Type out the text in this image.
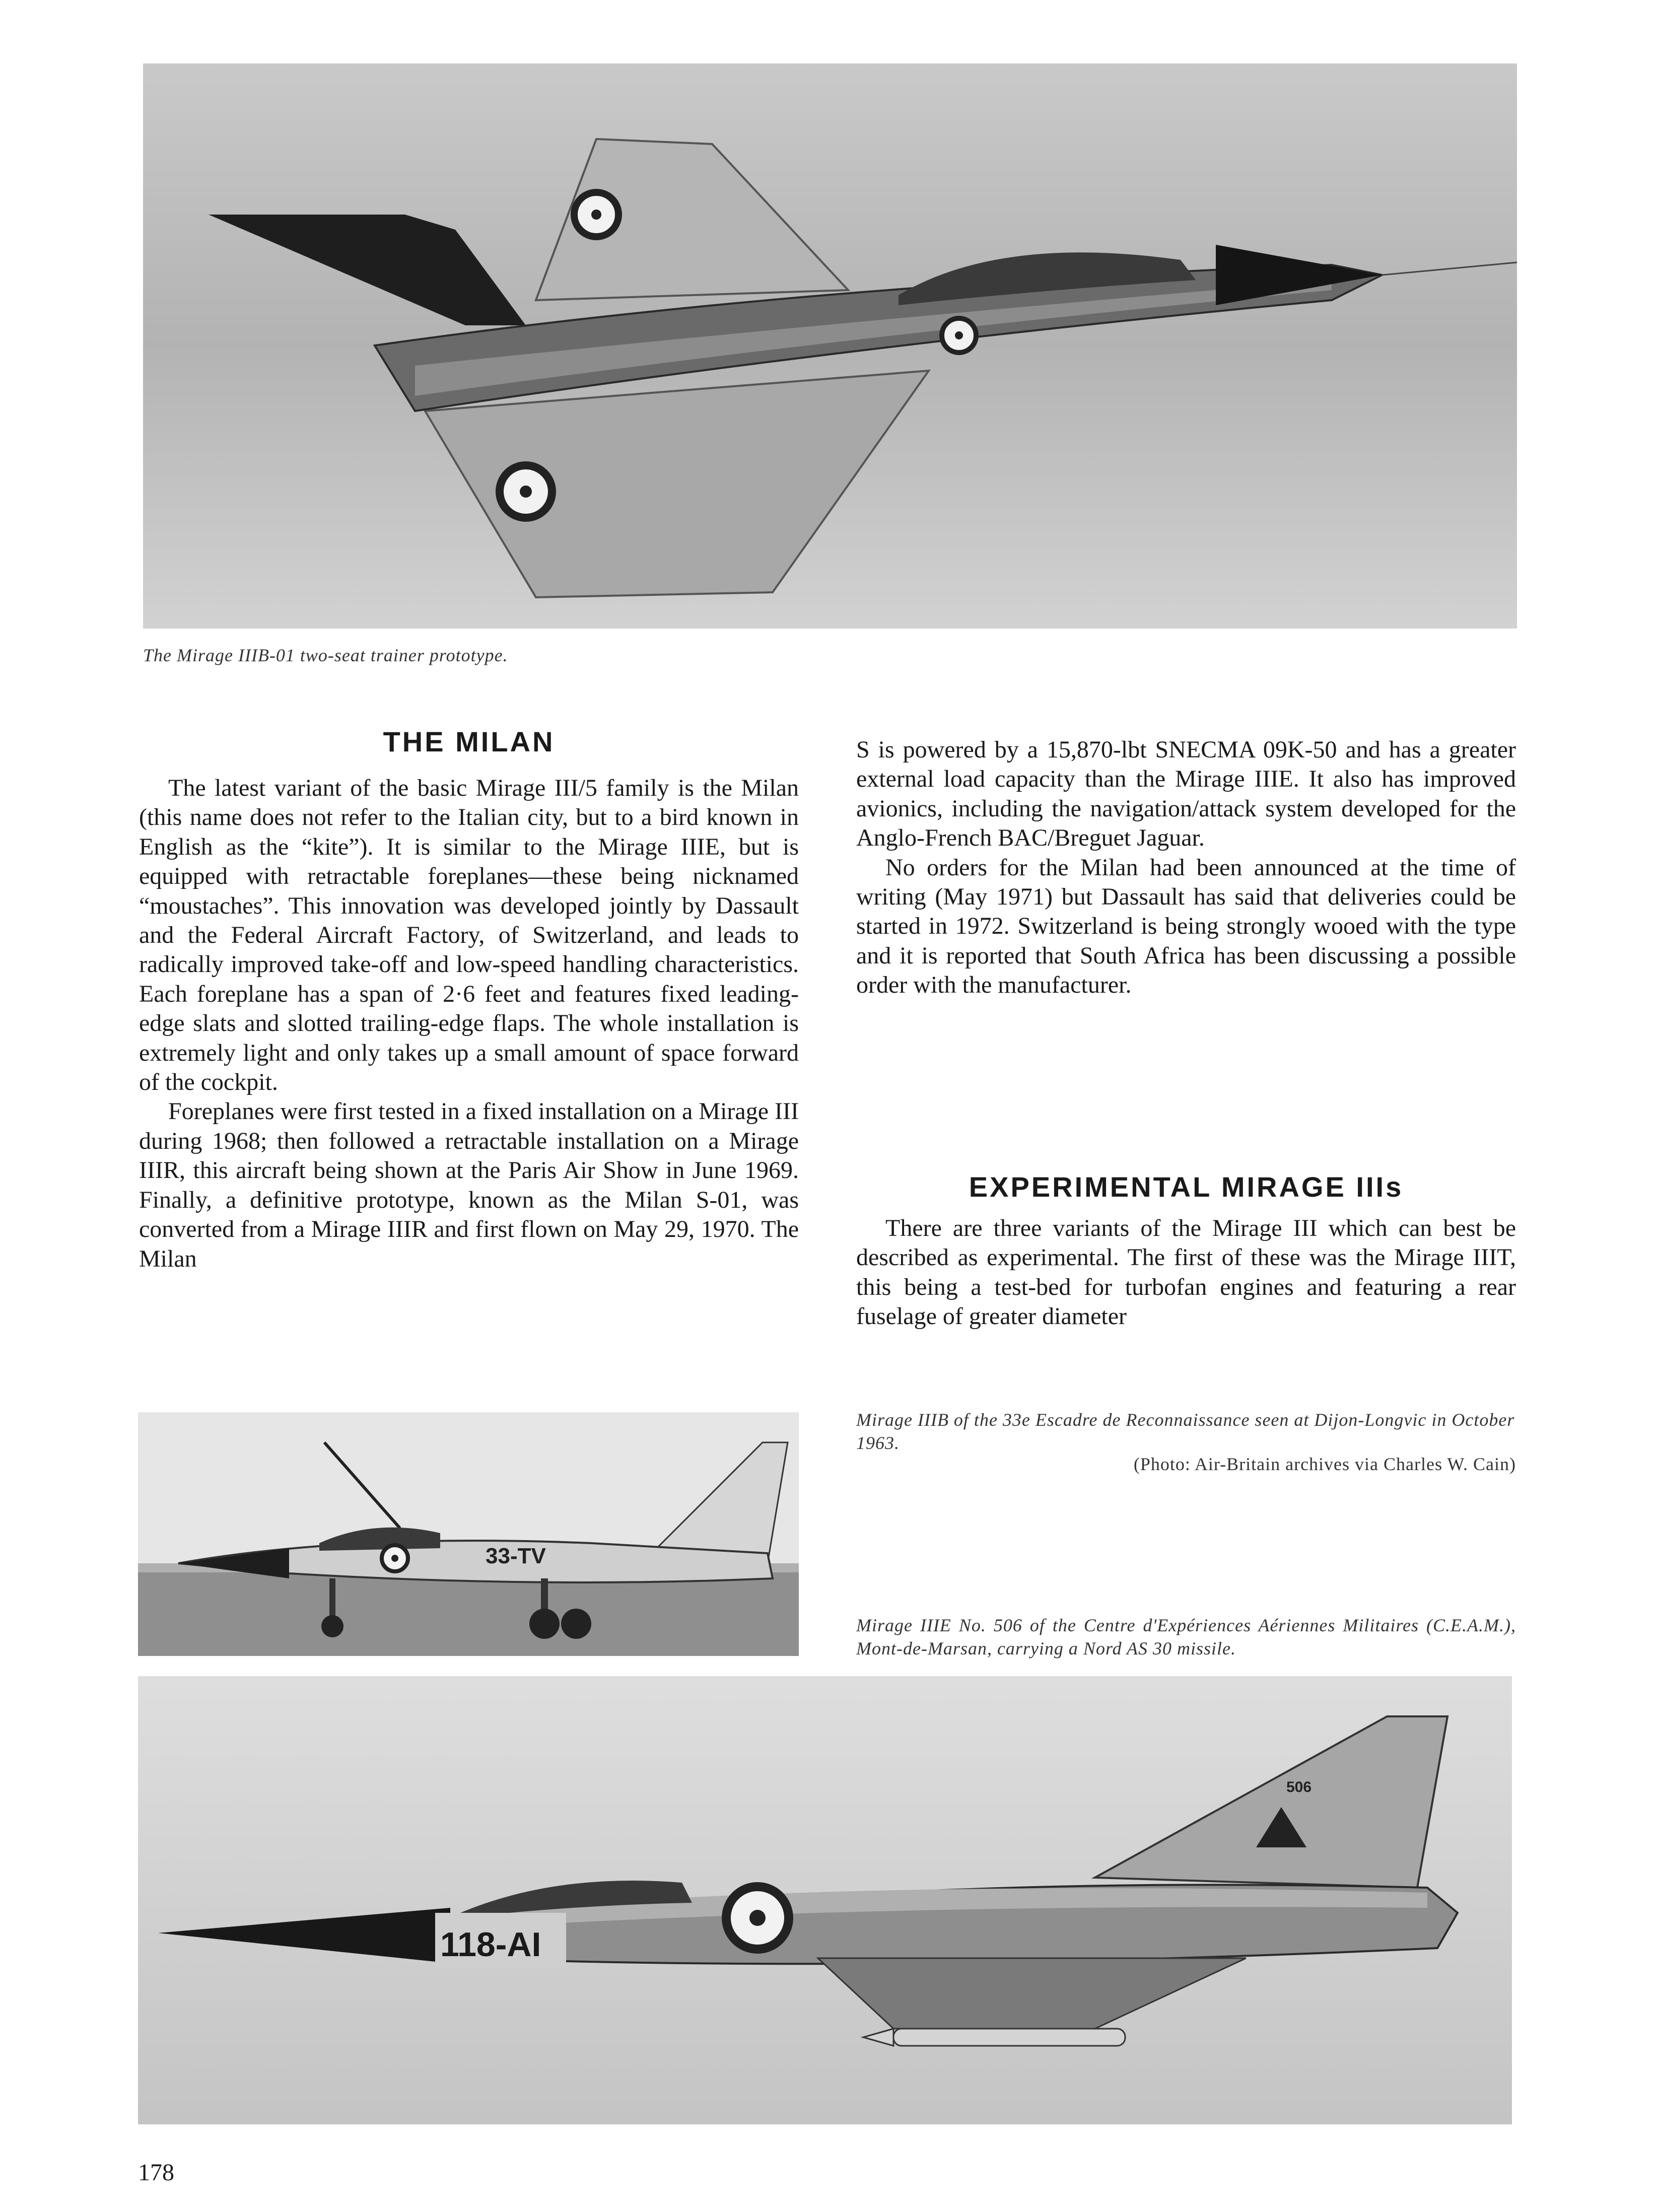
The Mirage IIIB-01 two-seat trainer prototype.
THE MILAN

The latest variant of the basic Mirage III/5 family is the Milan (this name does not refer to the Italian city, but to a bird known in English as the “kite”). It is similar to the Mirage IIIE, but is equipped with retractable foreplanes—these being nicknamed “moustaches”. This innovation was developed jointly by Dassault and the Federal Aircraft Factory, of Switzerland, and leads to radically improved take-off and low-speed handling characteristics. Each foreplane has a span of 2·6 feet and features fixed leading-edge slats and slotted trailing-edge flaps. The whole installation is extremely light and only takes up a small amount of space forward of the cockpit.

Foreplanes were first tested in a fixed installation on a Mirage III during 1968; then followed a retractable installation on a Mirage IIIR, this aircraft being shown at the Paris Air Show in June 1969. Finally, a definitive prototype, known as the Milan S-01, was converted from a Mirage IIIR and first flown on May 29, 1970. The Milan

S is powered by a 15,870-lbt SNECMA 09K-50 and has a greater external load capacity than the Mirage IIIE. It also has improved avionics, including the navigation/attack system developed for the Anglo-French BAC/Breguet Jaguar.

No orders for the Milan had been announced at the time of writing (May 1971) but Dassault has said that deliveries could be started in 1972. Switzerland is being strongly wooed with the type and it is reported that South Africa has been discussing a possible order with the manufacturer.

EXPERIMENTAL MIRAGE IIIs

There are three variants of the Mirage III which can best be described as experimental. The first of these was the Mirage IIIT, this being a test-bed for turbofan engines and featuring a rear fuselage of greater diameter

33-TV
Mirage IIIB of the 33e Escadre de Reconnaissance seen at Dijon-Longvic in October 1963.
(Photo: Air-Britain archives via Charles W. Cain)
Mirage IIIE No. 506 of the Centre d'Expériences Aériennes Militaires (C.E.A.M.), Mont-de-Marsan, carrying a Nord AS 30 missile.
506
118-AI
178
